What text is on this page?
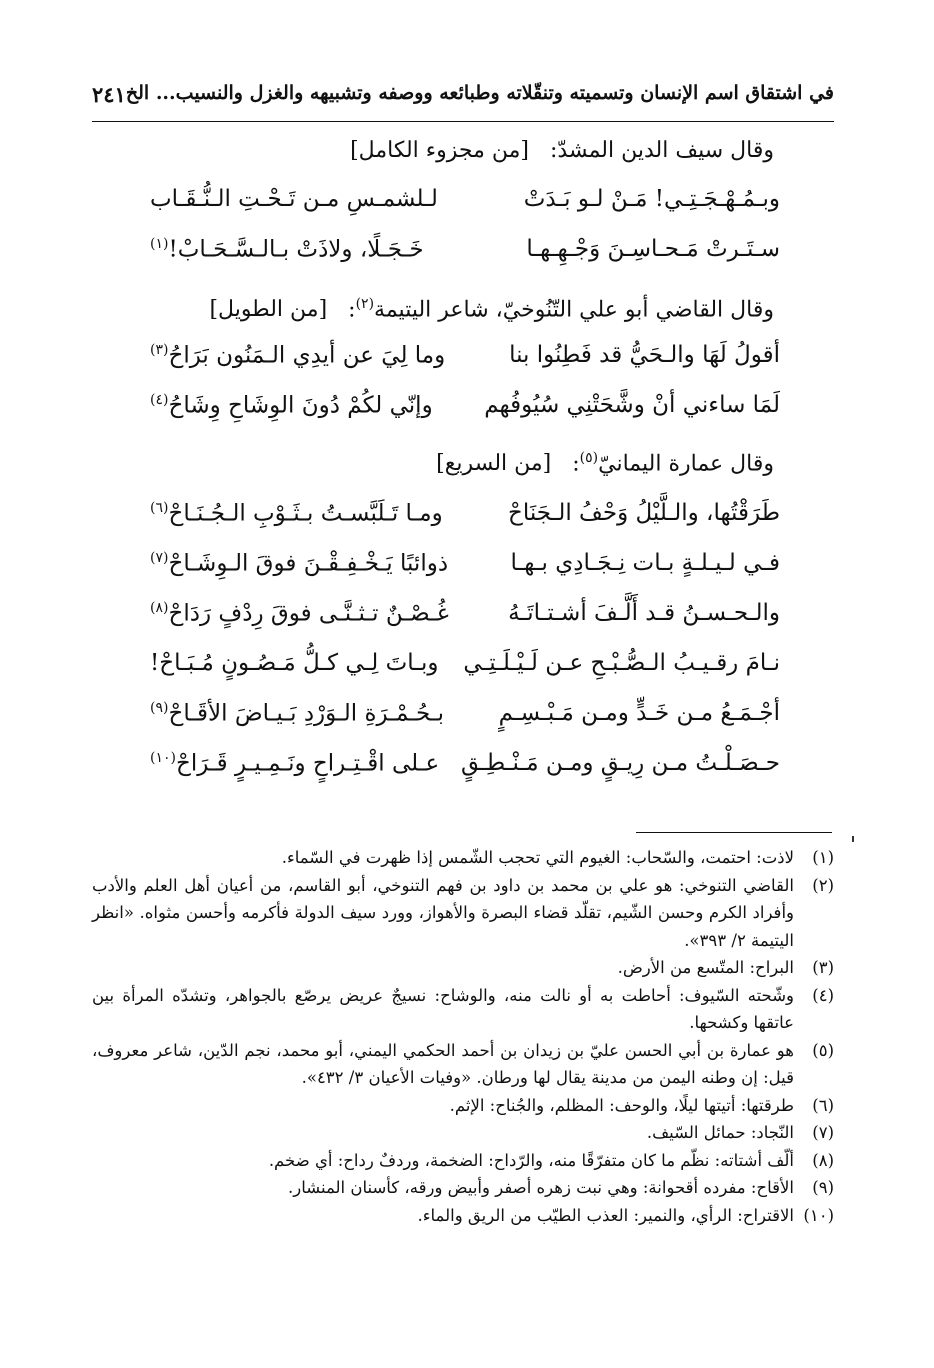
في اشتقاق اسم الإنسان وتسميته وتنقّلاته وطبائعه ووصفه وتشبيهه والغزل والنسيب... الخ
٢٤١
وقال سيف الدين المشدّ: [من مجزوء الكامل]
وبـمُـهْـجَـتِـي! مَـنْ لـو بَـدَتْ
لـلشمـسِ مـن تَـحْـتِ الـنُّـقَـاب
سـتَـرتْ مَـحـاسِـنَ وَجْـهِـهـا
خَـجَـلًا، ولاذَتْ بـالـسَّـحَـابْ!$^{(١)}$
وقال القاضي أبو علي التّنُوخيّ، شاعر اليتيمة$^{(٢)}$: [من الطويل]
أقولُ لَهَا والـحَيُّ قد فَطِنُوا بنا
وما لِيَ عن أيدِي الـمَنُون بَرَاحُ$^{(٣)}$
لَمَا ساءني أنْ وشَّحَتْنِي سُيُوفُهم
وإنّي لكُمْ دُونَ الوِشَاحِ وِشَاحُ$^{(٤)}$
وقال عمارة اليمانيّ$^{(٥)}$: [من السريع]
طَرَقْتُها، والـلَّيْلُ وَحْفُ الـجَنَاحْ
ومـا تَـلَبَّسـتُ بـثَـوْبِ الـجُـنَـاحْ$^{(٦)}$
فـي لـيـلـةٍ بـات نِـجَـادِي بـهـا
ذوائبًا يَـخْـفِـقْـنَ فوقَ الـوِشَـاحْ$^{(٧)}$
والـحـسـنُ قـد أَلَّـفَ أشـتـاتَـهُ
غُـصْـنٌ تـثـنَّـى فوقَ رِدْفٍ رَدَاحْ$^{(٨)}$
نـامَ رقـيـبُ الـصُّـبْـحِ عـن لَـيْـلَـتِـي
وبـاتَ لِـي كـلُّ مَـصُـونٍ مُـبَـاحْ!
أجْـمَـعُ مـن خَـدٍّ ومـن مَـبْـسِـمٍ
بـحُـمْـرَةِ الـوَرْدِ بَـيـاضَ الأقَـاحْ$^{(٩)}$
حـصَـلْـتُ مـن رِيـقٍ ومـن مَـنْـطِـقٍ
عـلى اقْـتِـراحٍ ونَـمِـيـرٍ قَـرَاحْ$^{(١٠)}$
(١)
لاذت: احتمت، والسّحاب: الغيوم التي تحجب الشّمس إذا ظهرت في السّماء.
(٢)
القاضي التنوخي: هو علي بن محمد بن داود بن فهم التنوخي، أبو القاسم، من أعيان أهل العلم والأدب وأفراد الكرم وحسن الشّيم، تقلّد قضاء البصرة والأهواز، وورد سيف الدولة فأكرمه وأحسن مثواه. «انظر اليتيمة ٢/ ٣٩٣».
(٣)
البراح: المتّسع من الأرض.
(٤)
وشّحته السّيوف: أحاطت به أو نالت منه، والوشاح: نسيجٌ عريض يرصّع بالجواهر، وتشدّه المرأة بين عاتقها وكشحها.
(٥)
هو عمارة بن أبي الحسن عليّ بن زيدان بن أحمد الحكمي اليمني، أبو محمد، نجم الدّين، شاعر معروف، قيل: إن وطنه اليمن من مدينة يقال لها ورطان. «وفيات الأعيان ٣/ ٤٣٢».
(٦)
طرقتها: أتيتها ليلًا، والوحف: المظلم، والجُناح: الإثم.
(٧)
النّجاد: حمائل السّيف.
(٨)
ألّف أشتاته: نظّم ما كان متفرّقًا منه، والرّداح: الضخمة، وردفٌ رداح: أي ضخم.
(٩)
الأقاح: مفرده أقحوانة: وهي نبت زهره أصفر وأبيض ورقه، كأسنان المنشار.
(١٠)
الاقتراح: الرأي، والنمير: العذب الطيّب من الريق والماء.
